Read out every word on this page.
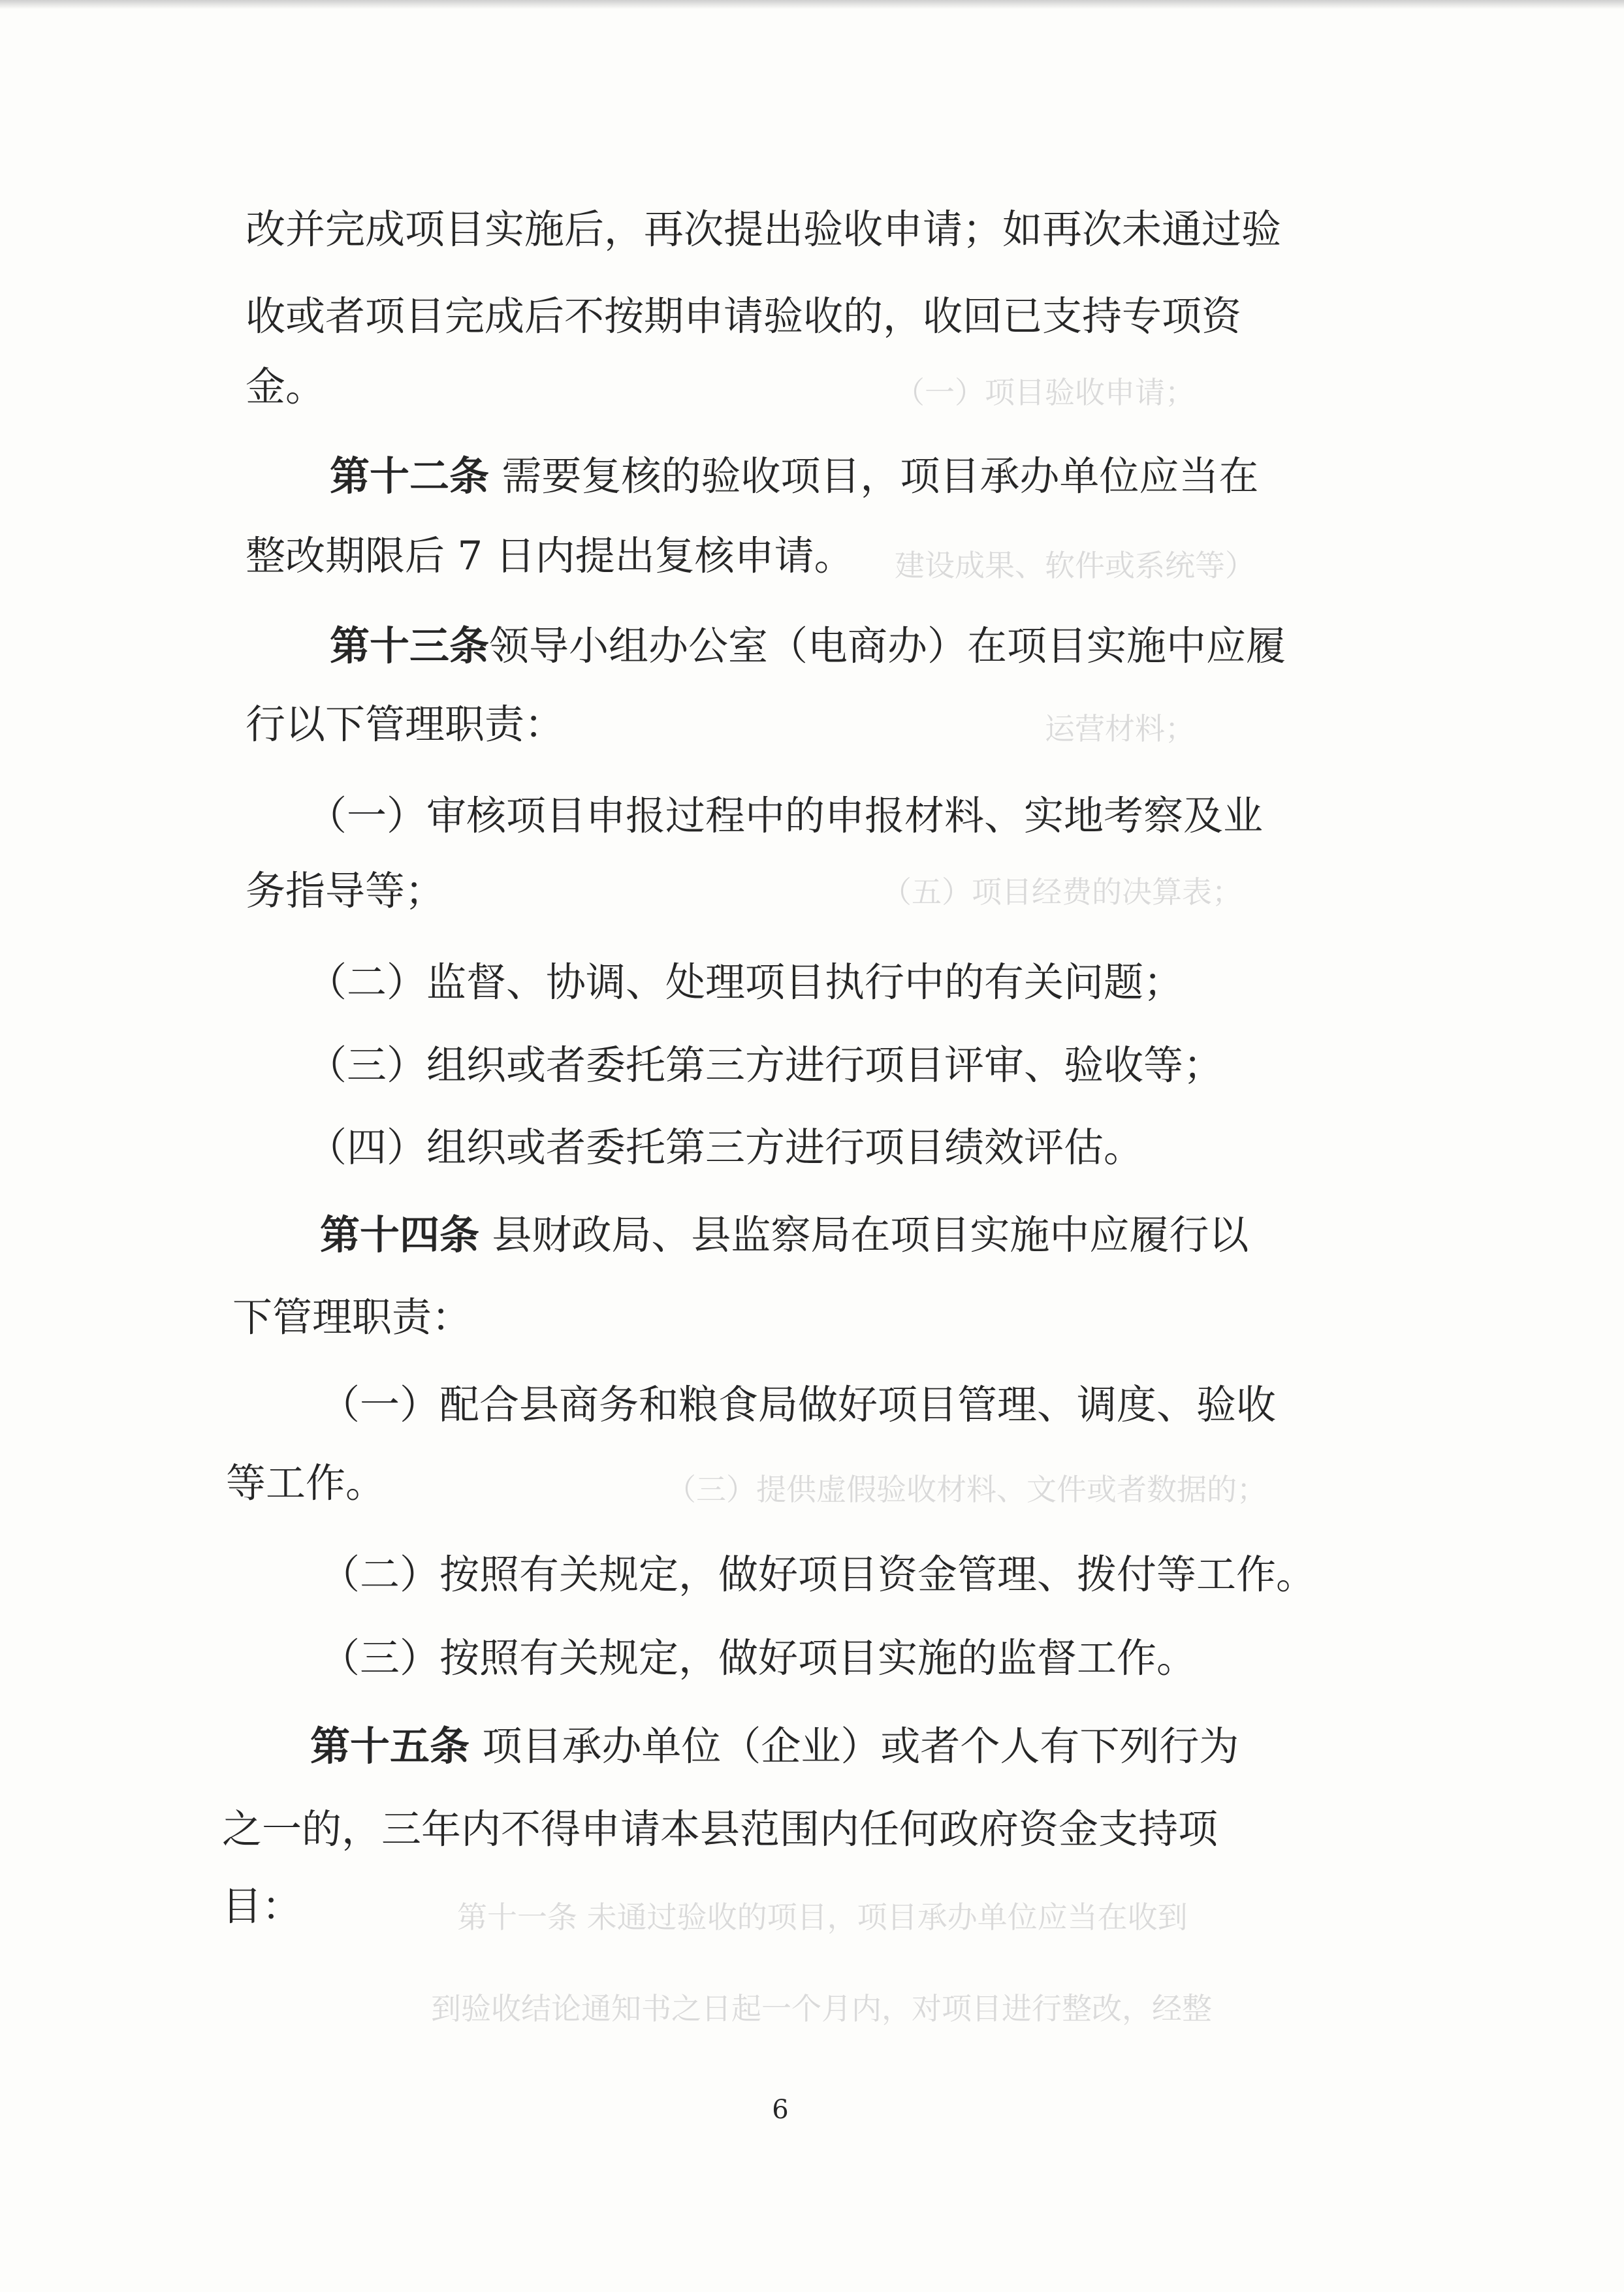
（一）项目验收申请；
建设成果、软件或系统等）
运营材料；
（五）项目经费的决算表；
（三）提供虚假验收材料、文件或者数据的；
第十一条 未通过验收的项目，项目承办单位应当在收到
到验收结论通知书之日起一个月内，对项目进行整改，经整
改并完成项目实施后，再次提出验收申请；如再次未通过验
收或者项目完成后不按期申请验收的，收回已支持专项资
金。
第十二条 需要复核的验收项目，项目承办单位应当在
整改期限后 7 日内提出复核申请。
第十三条领导小组办公室（电商办）在项目实施中应履
行以下管理职责：
（一）审核项目申报过程中的申报材料、实地考察及业
务指导等；
（二）监督、协调、处理项目执行中的有关问题；
（三）组织或者委托第三方进行项目评审、验收等；
（四）组织或者委托第三方进行项目绩效评估。
第十四条 县财政局、县监察局在项目实施中应履行以
下管理职责：
（一）配合县商务和粮食局做好项目管理、调度、验收
等工作。
（二）按照有关规定，做好项目资金管理、拨付等工作。
（三）按照有关规定，做好项目实施的监督工作。
第十五条 项目承办单位（企业）或者个人有下列行为
之一的，三年内不得申请本县范围内任何政府资金支持项
目：
6
